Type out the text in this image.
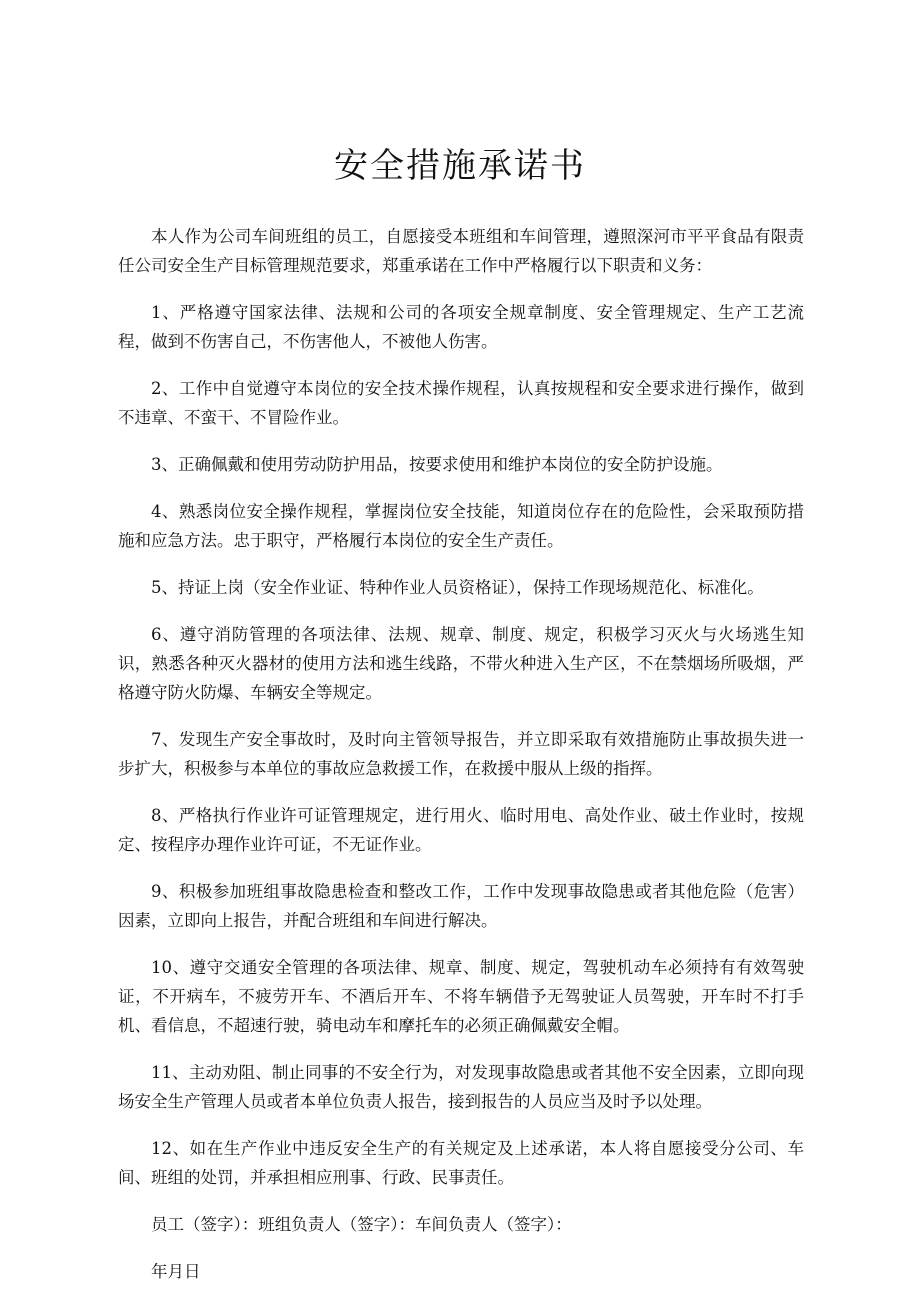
安全措施承诺书

本人作为公司车间班组的员工，自愿接受本班组和车间管理，遵照深河市平平食品有限责任公司安全生产目标管理规范要求，郑重承诺在工作中严格履行以下职责和义务：

1、严格遵守国家法律、法规和公司的各项安全规章制度、安全管理规定、生产工艺流程，做到不伤害自己，不伤害他人，不被他人伤害。

2、工作中自觉遵守本岗位的安全技术操作规程，认真按规程和安全要求进行操作，做到不违章、不蛮干、不冒险作业。

3、正确佩戴和使用劳动防护用品，按要求使用和维护本岗位的安全防护设施。

4、熟悉岗位安全操作规程，掌握岗位安全技能，知道岗位存在的危险性，会采取预防措施和应急方法。忠于职守，严格履行本岗位的安全生产责任。

5、持证上岗（安全作业证、特种作业人员资格证），保持工作现场规范化、标准化。

6、遵守消防管理的各项法律、法规、规章、制度、规定，积极学习灭火与火场逃生知识，熟悉各种灭火器材的使用方法和逃生线路，不带火种进入生产区，不在禁烟场所吸烟，严格遵守防火防爆、车辆安全等规定。

7、发现生产安全事故时，及时向主管领导报告，并立即采取有效措施防止事故损失进一步扩大，积极参与本单位的事故应急救援工作，在救援中服从上级的指挥。

8、严格执行作业许可证管理规定，进行用火、临时用电、高处作业、破土作业时，按规定、按程序办理作业许可证，不无证作业。

9、积极参加班组事故隐患检查和整改工作，工作中发现事故隐患或者其他危险（危害）因素，立即向上报告，并配合班组和车间进行解决。

10、遵守交通安全管理的各项法律、规章、制度、规定，驾驶机动车必须持有有效驾驶证，不开病车，不疲劳开车、不酒后开车、不将车辆借予无驾驶证人员驾驶，开车时不打手机、看信息，不超速行驶，骑电动车和摩托车的必须正确佩戴安全帽。

11、主动劝阻、制止同事的不安全行为，对发现事故隐患或者其他不安全因素，立即向现场安全生产管理人员或者本单位负责人报告，接到报告的人员应当及时予以处理。

12、如在生产作业中违反安全生产的有关规定及上述承诺，本人将自愿接受分公司、车间、班组的处罚，并承担相应刑事、行政、民事责任。

员工（签字）：班组负责人（签字）：车间负责人（签字）：

年月日
